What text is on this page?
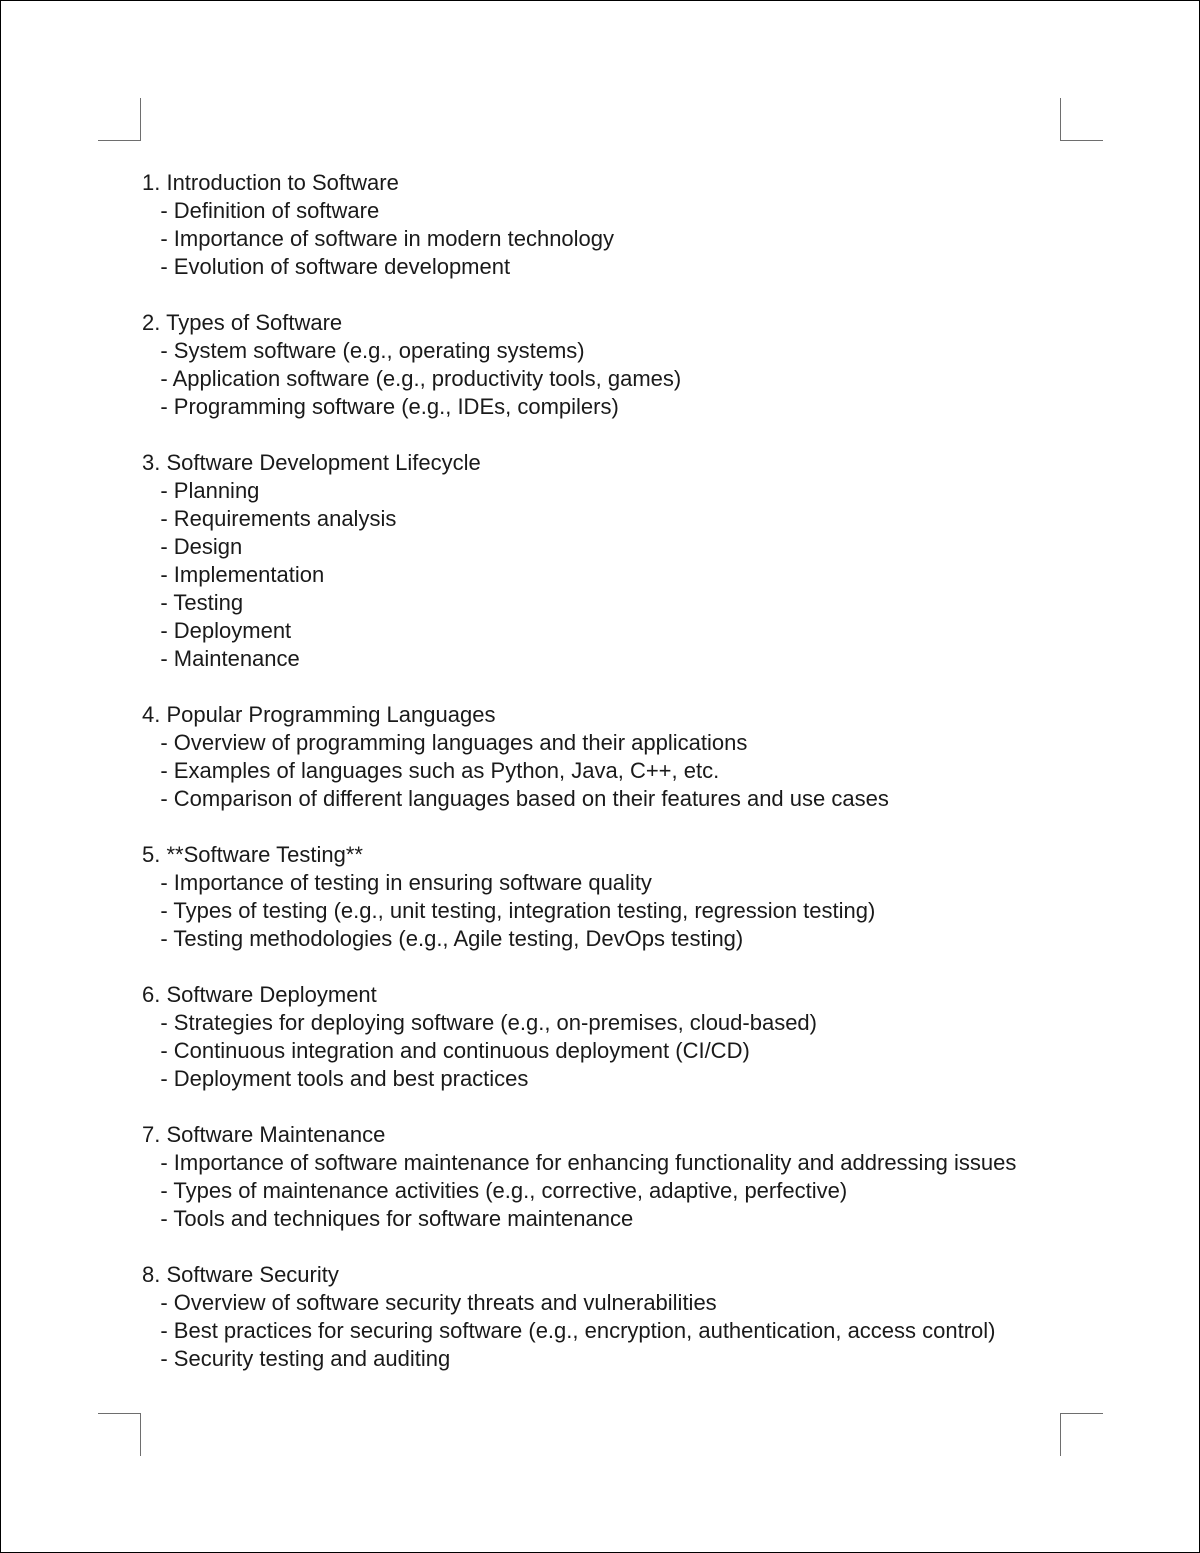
1. Introduction to Software
- Definition of software
- Importance of software in modern technology
- Evolution of software development
2. Types of Software
- System software (e.g., operating systems)
- Application software (e.g., productivity tools, games)
- Programming software (e.g., IDEs, compilers)
3. Software Development Lifecycle
- Planning
- Requirements analysis
- Design
- Implementation
- Testing
- Deployment
- Maintenance
4. Popular Programming Languages
- Overview of programming languages and their applications
- Examples of languages such as Python, Java, C++, etc.
- Comparison of different languages based on their features and use cases
5. **Software Testing**
- Importance of testing in ensuring software quality
- Types of testing (e.g., unit testing, integration testing, regression testing)
- Testing methodologies (e.g., Agile testing, DevOps testing)
6. Software Deployment
- Strategies for deploying software (e.g., on-premises, cloud-based)
- Continuous integration and continuous deployment (CI/CD)
- Deployment tools and best practices
7. Software Maintenance
- Importance of software maintenance for enhancing functionality and addressing issues
- Types of maintenance activities (e.g., corrective, adaptive, perfective)
- Tools and techniques for software maintenance
8. Software Security
- Overview of software security threats and vulnerabilities
- Best practices for securing software (e.g., encryption, authentication, access control)
- Security testing and auditing
